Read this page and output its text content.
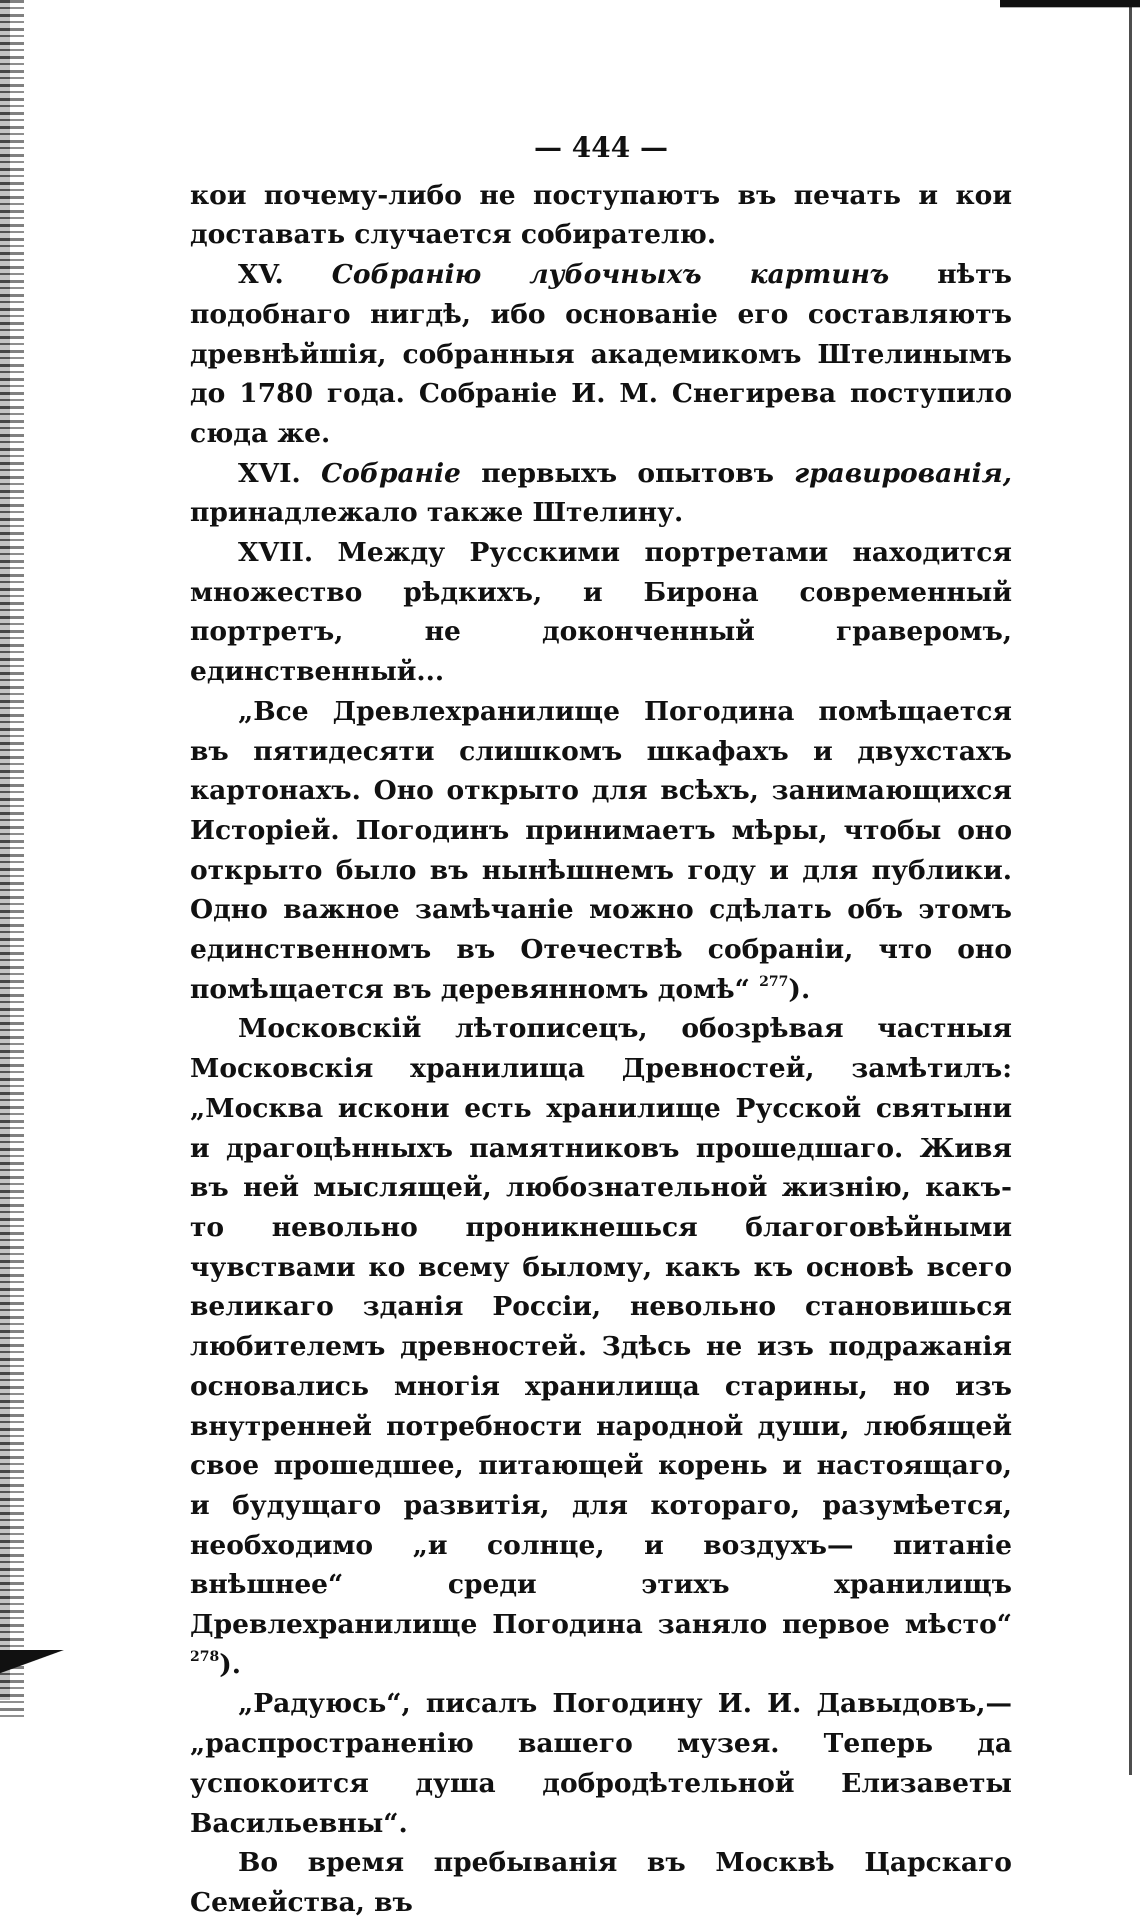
— 444 —

кои почему-либо не поступаютъ въ печать и кои доставать случается собирателю.

XV. Собранію лубочныхъ картинъ нѣтъ подобнаго нигдѣ, ибо основаніе его составляютъ древнѣйшія, собранныя академикомъ Штелинымъ до 1780 года. Собраніе И. М. Снегирева поступило сюда же.

XVI. Собраніе первыхъ опытовъ гравированія, принадлежало также Штелину.

XVII. Между Русскими портретами находится множество рѣдкихъ, и Бирона современный портретъ, не доконченный граверомъ, единственный...

„Все Древлехранилище Погодина помѣщается въ пятидесяти слишкомъ шкафахъ и двухстахъ картонахъ. Оно открыто для всѣхъ, занимающихся Исторіей. Погодинъ принимаетъ мѣры, чтобы оно открыто было въ нынѣшнемъ году и для публики. Одно важное замѣчаніе можно сдѣлать объ этомъ единственномъ въ Отечествѣ собраніи, что оно помѣщается въ деревянномъ домѣ“ $^{277}$).

Московскій лѣтописецъ, обозрѣвая частныя Московскія хранилища Древностей, замѣтилъ: „Москва искони есть хранилище Русской святыни и драгоцѣнныхъ памятниковъ прошедшаго. Живя въ ней мыслящей, любознательной жизнію, какъ-то невольно проникнешься благоговѣйными чувствами ко всему былому, какъ къ основѣ всего великаго зданія Россіи, невольно становишься любителемъ древностей. Здѣсь не изъ подражанія основались многія хранилища старины, но изъ внутренней потребности народной души, любящей свое прошедшее, питающей корень и настоящаго, и будущаго развитія, для котораго, разумѣется, необходимо „и солнце, и воздухъ— питаніе внѣшнее“ среди этихъ хранилищъ Древлехранилище Погодина заняло первое мѣсто“ $^{278}$).

„Радуюсь“, писалъ Погодину И. И. Давыдовъ,—„распространенію вашего музея. Теперь да успокоится душа добродѣтельной Елизаветы Васильевны“.

Во время пребыванія въ Москвѣ Царскаго Семейства, въ
